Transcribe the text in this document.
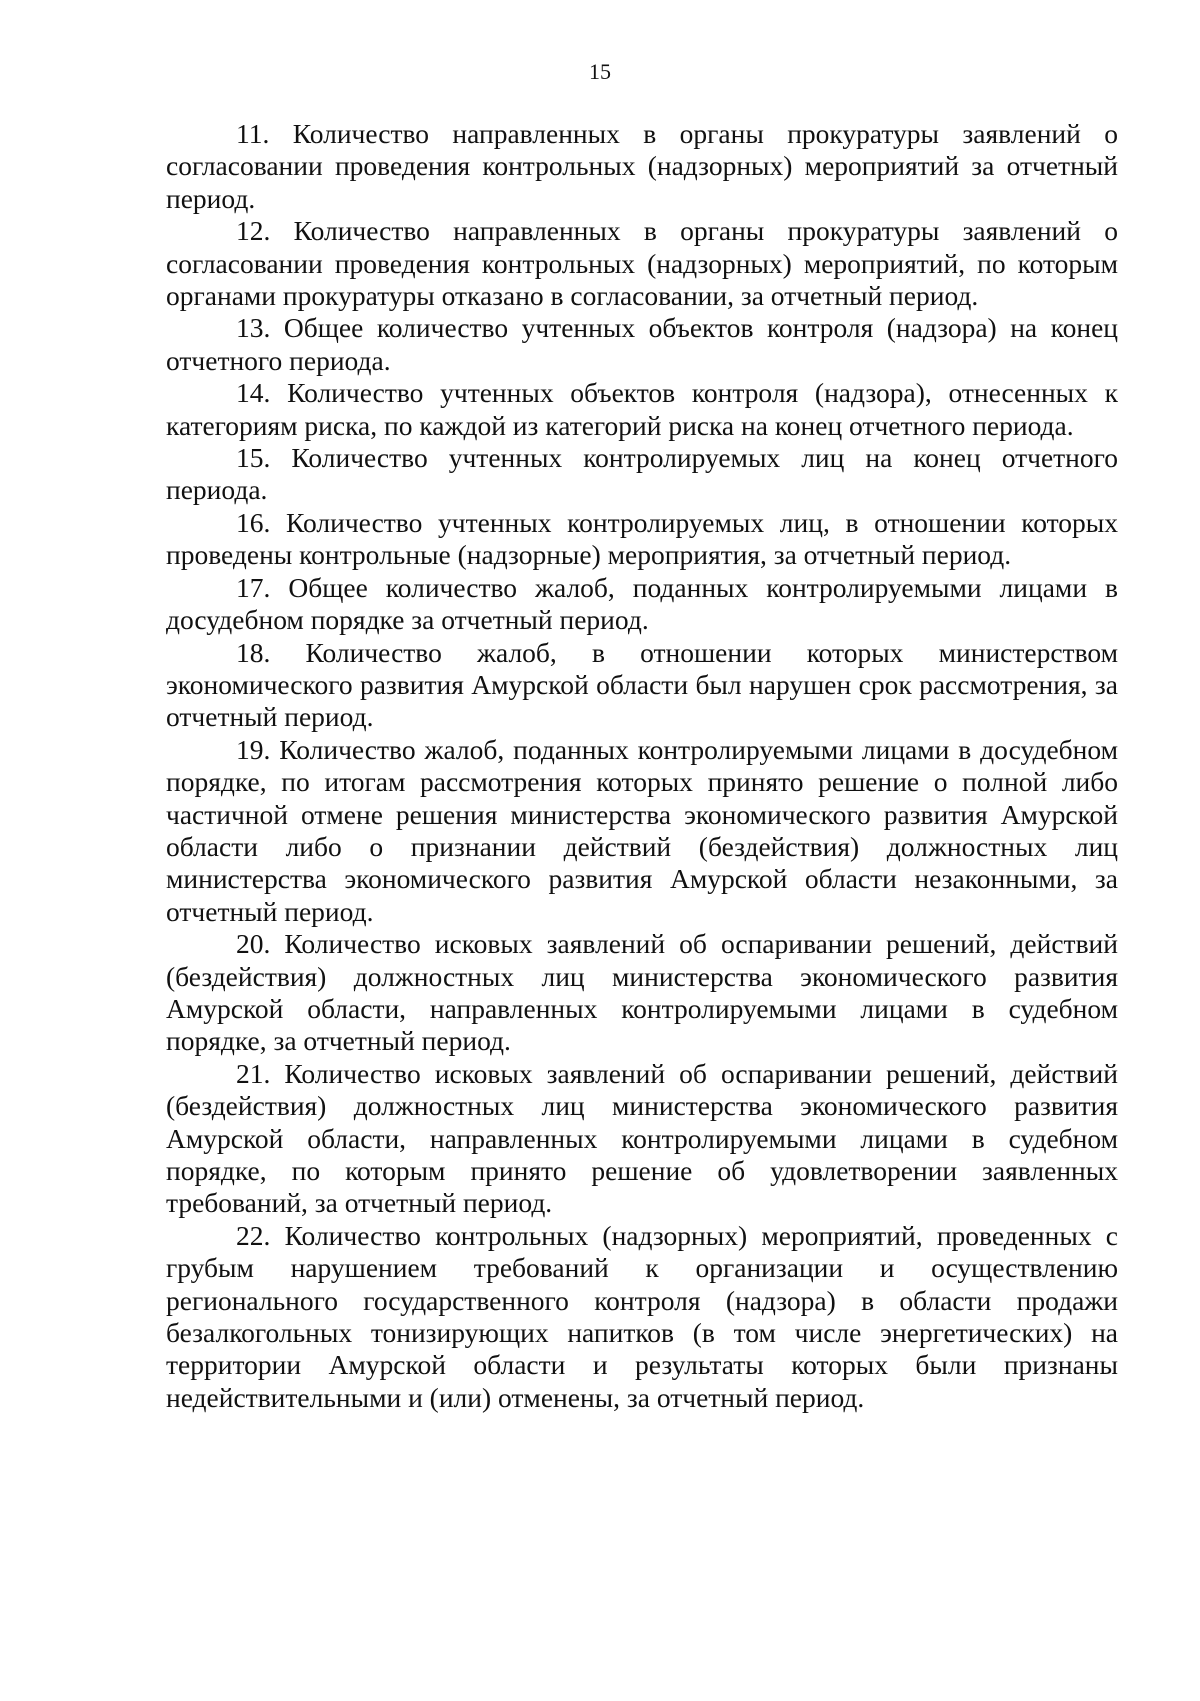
15

11. Количество направленных в органы прокуратуры заявлений о согласовании проведения контрольных (надзорных) мероприятий за отчетный период.

12. Количество направленных в органы прокуратуры заявлений о согласовании проведения контрольных (надзорных) мероприятий, по которым органами прокуратуры отказано в согласовании, за отчетный период.

13. Общее количество учтенных объектов контроля (надзора) на конец отчетного периода.

14. Количество учтенных объектов контроля (надзора), отнесенных к категориям риска, по каждой из категорий риска на конец отчетного периода.

15. Количество учтенных контролируемых лиц на конец отчетного периода.

16. Количество учтенных контролируемых лиц, в отношении которых проведены контрольные (надзорные) мероприятия, за отчетный период.

17. Общее количество жалоб, поданных контролируемыми лицами в досудебном порядке за отчетный период.

18. Количество жалоб, в отношении которых министерством экономического развития Амурской области был нарушен срок рассмотрения, за отчетный период.

19. Количество жалоб, поданных контролируемыми лицами в досудебном порядке, по итогам рассмотрения которых принято решение о полной либо частичной отмене решения министерства экономического развития Амурской области либо о признании действий (бездействия) должностных лиц министерства экономического развития Амурской области незаконными, за отчетный период.

20. Количество исковых заявлений об оспаривании решений, действий (бездействия) должностных лиц министерства экономического развития Амурской области, направленных контролируемыми лицами в судебном порядке, за отчетный период.

21. Количество исковых заявлений об оспаривании решений, действий (бездействия) должностных лиц министерства экономического развития Амурской области, направленных контролируемыми лицами в судебном порядке, по которым принято решение об удовлетворении заявленных требований, за отчетный период.

22. Количество контрольных (надзорных) мероприятий, проведенных с грубым нарушением требований к организации и осуществлению регионального государственного контроля (надзора) в области продажи безалкогольных тонизирующих напитков (в том числе энергетических) на территории Амурской области и результаты которых были признаны недействительными и (или) отменены, за отчетный период.
